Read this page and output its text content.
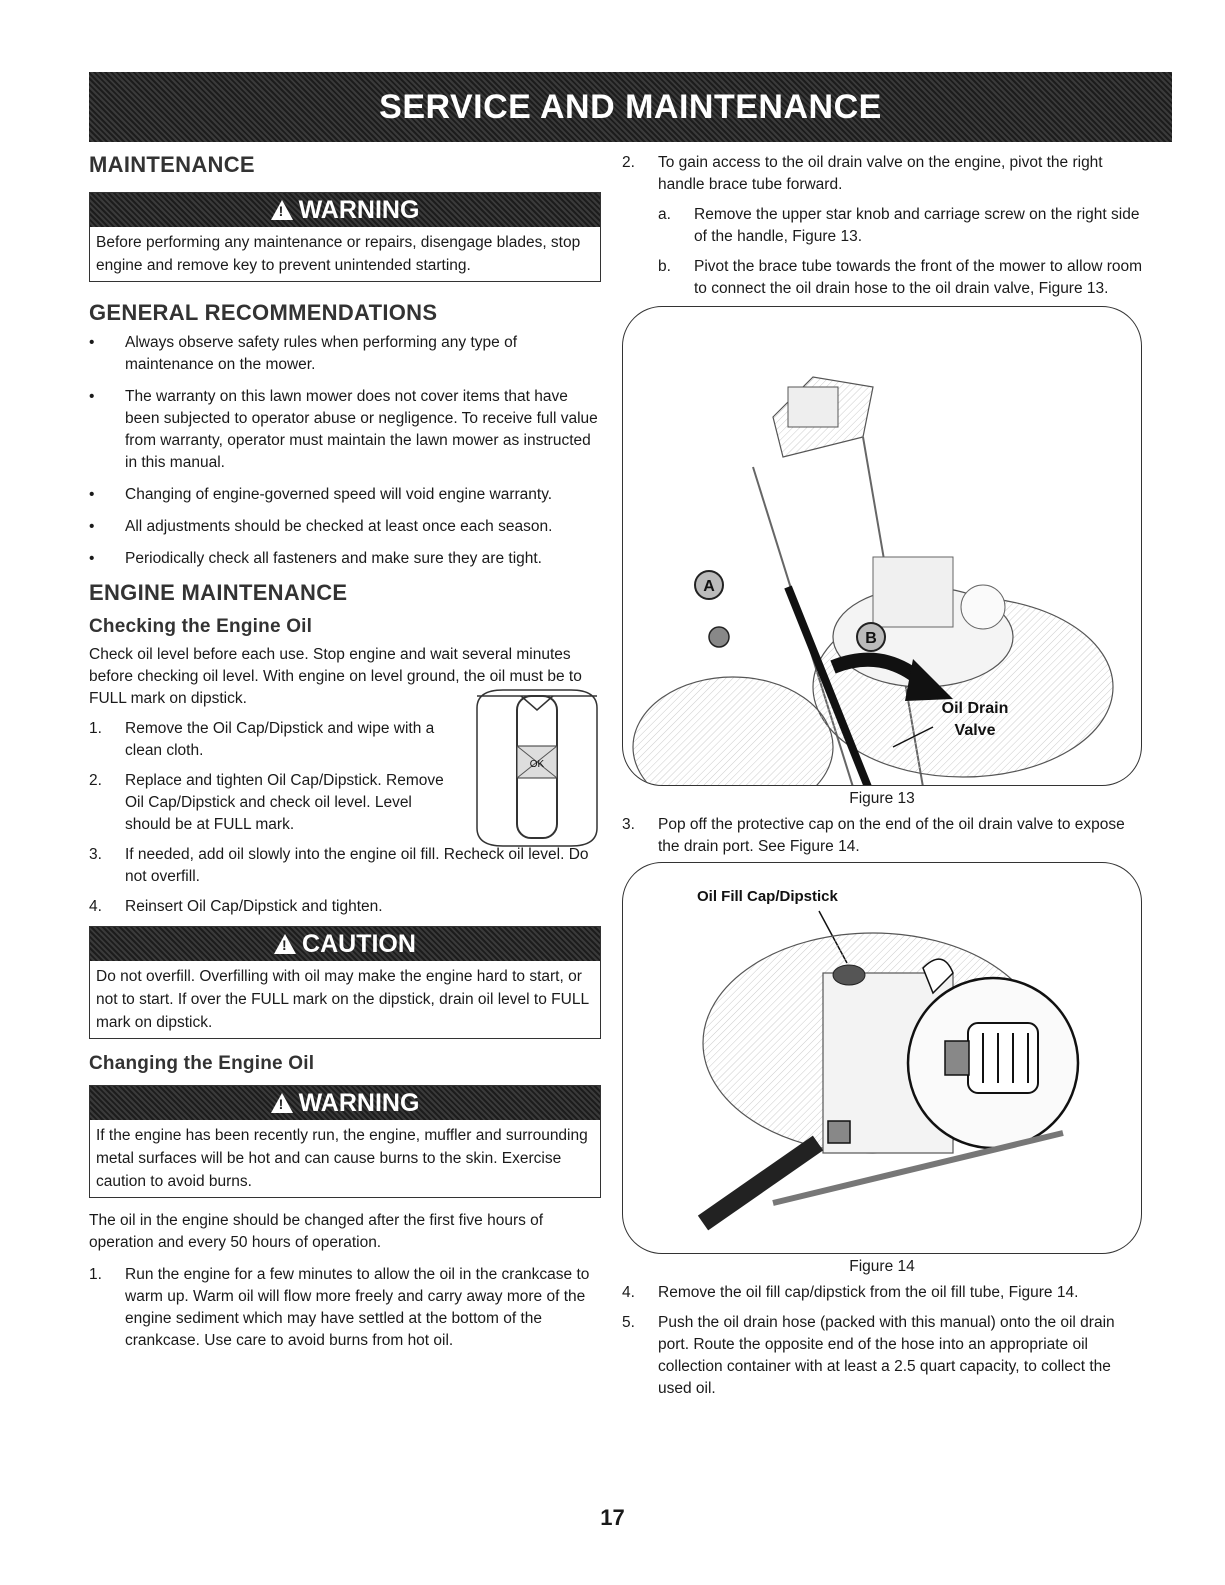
SERVICE AND MAINTENANCE
MAINTENANCE
!
WARNING
Before performing any maintenance or repairs, disengage blades, stop engine and remove key to prevent unintended starting.
GENERAL RECOMMENDATIONS
• Always observe safety rules when performing any type of maintenance on the mower.
• The warranty on this lawn mower does not cover items that have been subjected to operator abuse or negligence. To receive full value from warranty, operator must maintain the lawn mower as instructed in this manual.
• Changing of engine-governed speed will void engine warranty.
• All adjustments should be checked at least once each season.
• Periodically check all fasteners and make sure they are tight.
ENGINE MAINTENANCE
Checking the Engine Oil
OK

Check oil level before each use. Stop engine and wait several minutes before checking oil level. With engine on level ground, the oil must be to FULL mark on dipstick.

1. Remove the Oil Cap/Dipstick and wipe with a clean cloth.
2. Replace and tighten Oil Cap/Dipstick. Remove Oil Cap/Dipstick and check oil level. Level should be at FULL mark.
3. If needed, add oil slowly into the engine oil fill. Recheck oil level. Do not overfill.
4. Reinsert Oil Cap/Dipstick and tighten.
!
CAUTION
Do not overfill. Overfilling with oil may make the engine hard to start, or not to start. If over the FULL mark on the dipstick, drain oil level to FULL mark on dipstick.
Changing the Engine Oil
!
WARNING
If the engine has been recently run, the engine, muffler and surrounding metal surfaces will be hot and can cause burns to the skin. Exercise caution to avoid burns.

The oil in the engine should be changed after the first five hours of operation and every 50 hours of operation.

1. Run the engine for a few minutes to allow the oil in the crankcase to warm up. Warm oil will flow more freely and carry away more of the engine sediment which may have settled at the bottom of the crankcase. Use care to avoid burns from hot oil.
2. To gain access to the oil drain valve on the engine, pivot the right handle brace tube forward.
a. Remove the upper star knob and carriage screw on the right side of the handle, Figure 13.
b. Pivot the brace tube towards the front of the mower to allow room to connect the oil drain hose to the oil drain valve, Figure 13.
A
B
Oil Drain
Valve
Figure 13
3. Pop off the protective cap on the end of the oil drain valve to expose the drain port. See Figure 14.
Oil Fill Cap/Dipstick
Figure 14
4. Remove the oil fill cap/dipstick from the oil fill tube, Figure 14.
5. Push the oil drain hose (packed with this manual) onto the oil drain port. Route the opposite end of the hose into an appropriate oil collection container with at least a 2.5 quart capacity, to collect the used oil.
17
